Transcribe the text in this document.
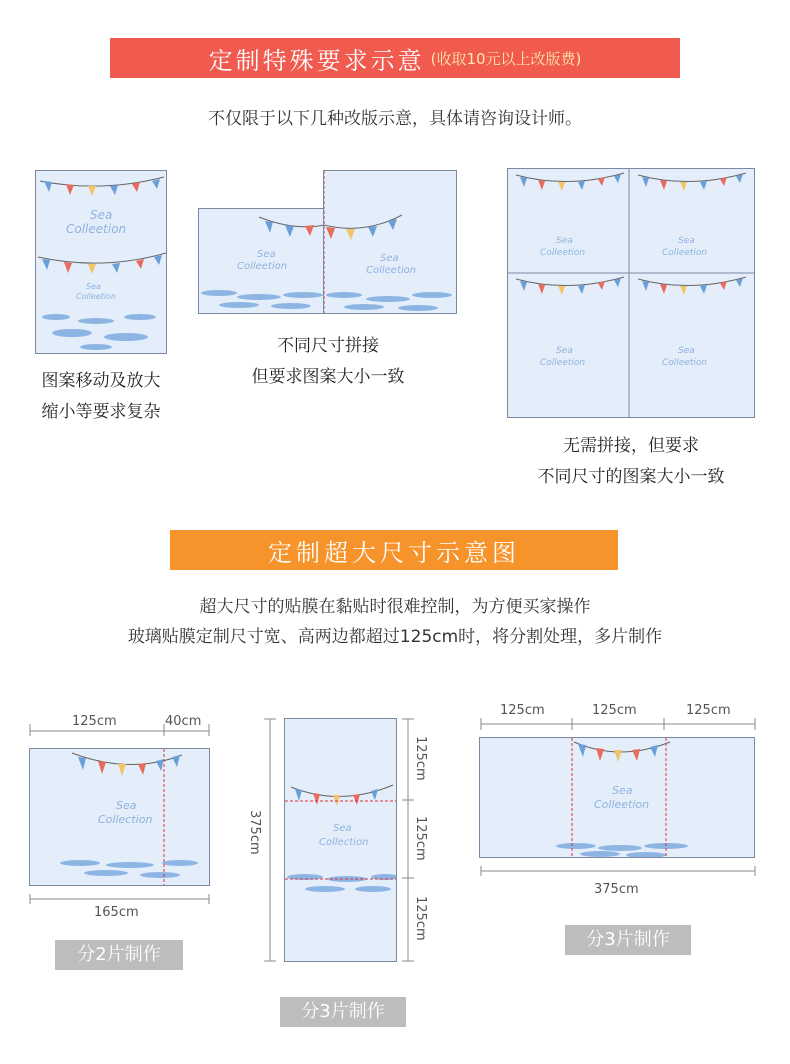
定制特殊要求示意 (收取10元以上改版费)
不仅限于以下几种改版示意，具体请咨询设计师。
Sea
Colleetion
Sea
Colleetion
图案移动及放大
缩小等要求复杂
Sea
Colleetion
Sea
Colleetion
不同尺寸拼接
但要求图案大小一致
Sea
Colleetion
Sea
Colleetion
Sea
Colleetion
Sea
Colleetion
无需拼接，但要求
不同尺寸的图案大小一致
定制超大尺寸示意图
超大尺寸的贴膜在黏贴时很难控制，为方便买家操作
玻璃贴膜定制尺寸宽、高两边都超过125cm时，将分割处理，多片制作
125cm	40cm
Sea
Collection
165cm
分2片制作
375cm	Sea
Collection
125cm
125cm
125cm
分3片制作
125cm	125cm	125cm
Sea
Colleetion
375cm
分3片制作
